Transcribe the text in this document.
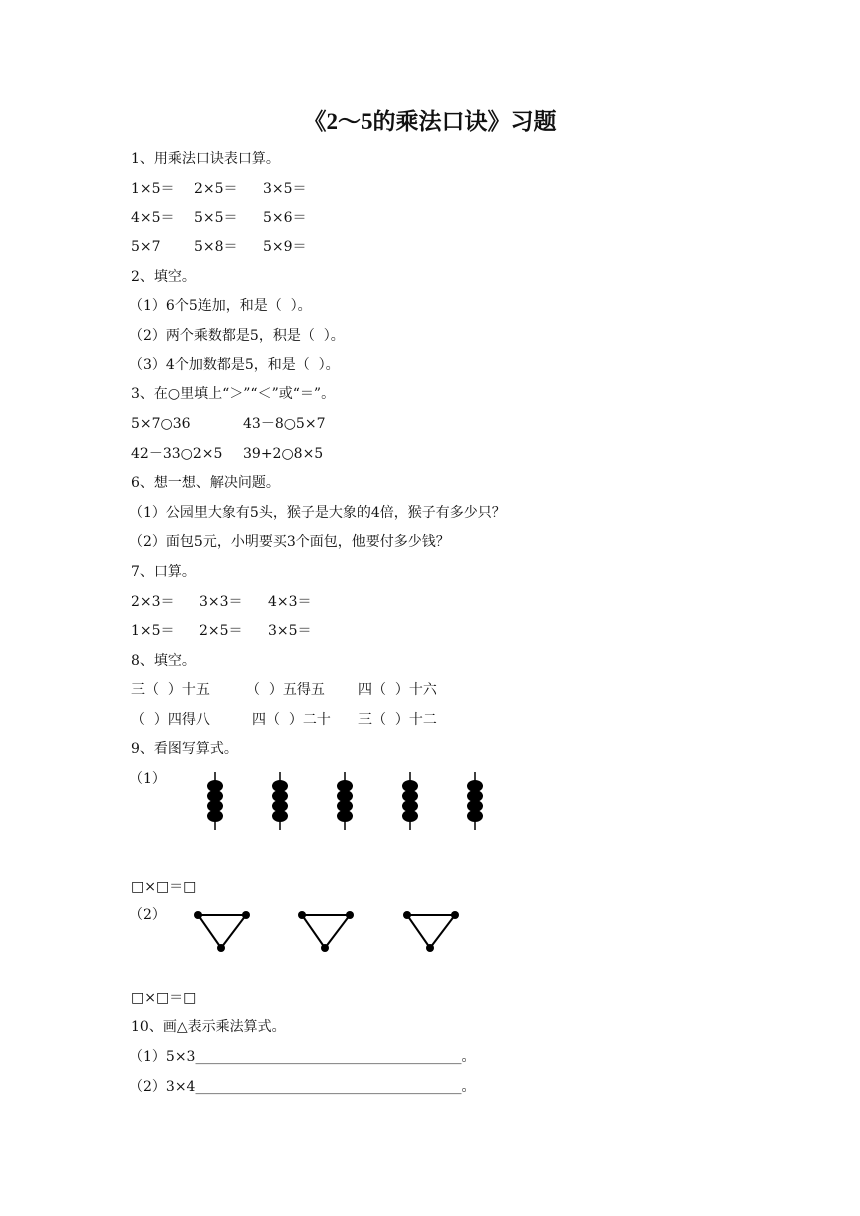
《2～5的乘法口诀》习题
1、用乘法口诀表口算。
1×5＝ 2×5＝ 3×5＝
4×5＝ 5×5＝ 5×6＝
5×7 5×8＝ 5×9＝
2、填空。
（1）6个5连加，和是（  ）。
（2）两个乘数都是5，积是（  ）。
（3）4个加数都是5，和是（  ）。
3、在○里填上“＞”“＜”或“＝”。
5×7○36	43－8○5×7
42－33○2×5 39+2○8×5
6、想一想、解决问题。
（1）公园里大象有5头，猴子是大象的4倍，猴子有多少只？
（2）面包5元，小明要买3个面包，他要付多少钱？
7、口算。
2×3＝ 3×3＝ 4×3＝
1×5＝ 2×5＝ 3×5＝
8、填空。
三（  ）十五	（  ）五得五 四（  ）十六
（  ）四得八	四（  ）二十 三（  ）十二
9、看图写算式。
（1）
□×□＝□
（2）
□×□＝□
10、画△表示乘法算式。
（1）5×3______________________________________。
（2）3×4______________________________________。
